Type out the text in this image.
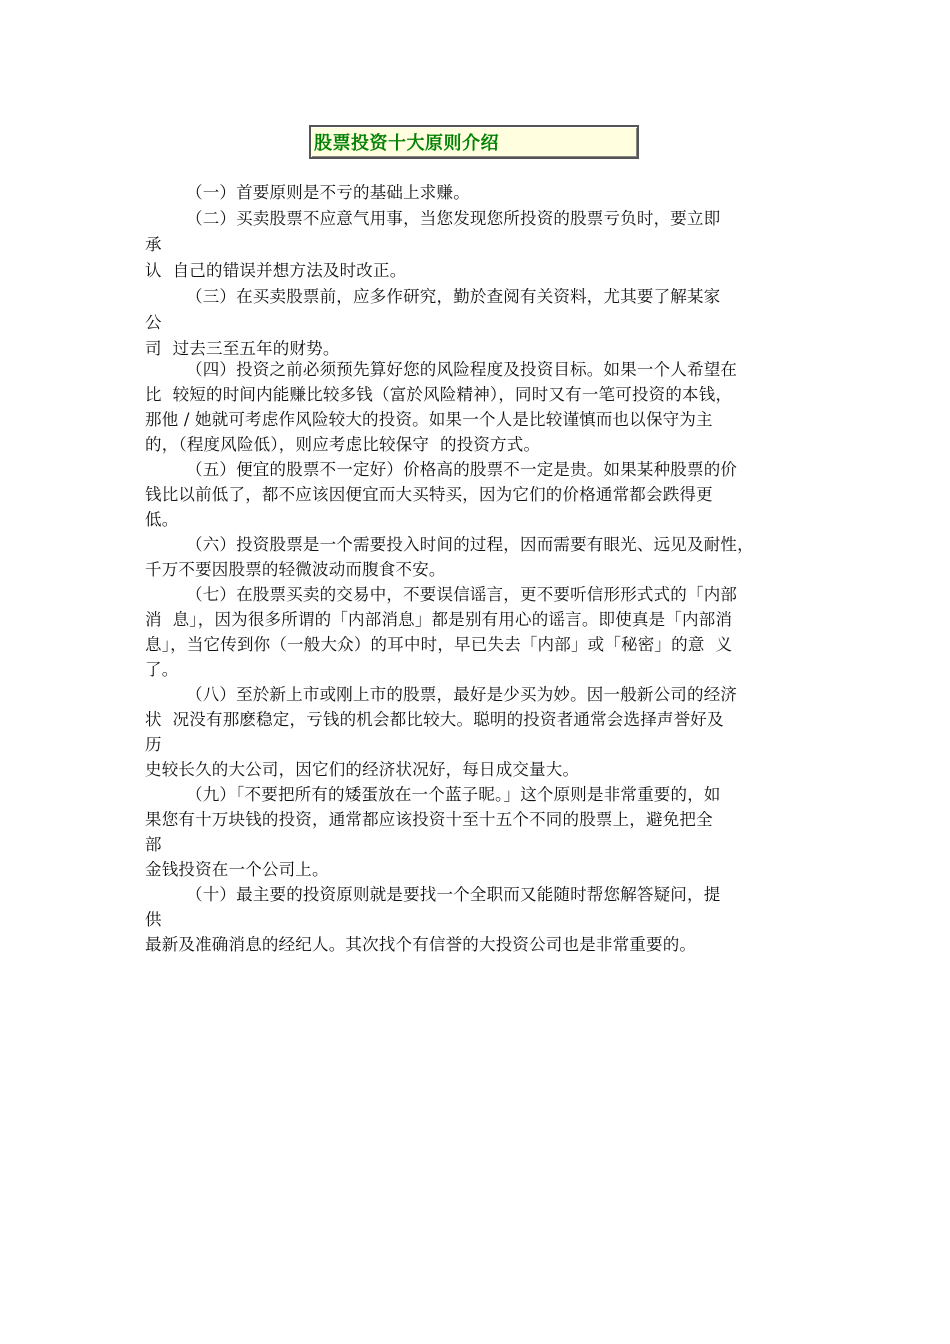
股票投资十大原则介绍
（一）首要原则是不亏的基础上求赚。
（二）买卖股票不应意气用事，当您发现您所投资的股票亏负时，要立即
承
认  自己的错误并想方法及时改正。
（三）在买卖股票前，应多作研究，勤於查阅有关资料，尤其要了解某家
公
司  过去三至五年的财势。
（四）投资之前必须预先算好您的风险程度及投资目标。如果一个人希望在
比  较短的时间内能赚比较多钱（富於风险精神），同时又有一笔可投资的本钱，
那他 / 她就可考虑作风险较大的投资。如果一个人是比较谨慎而也以保守为主
的，（程度风险低），则应考虑比较保守  的投资方式。
（五）便宜的股票不一定好）价格高的股票不一定是贵。如果某种股票的价
钱比以前低了，都不应该因便宜而大买特买，因为它们的价格通常都会跌得更
低。
（六）投资股票是一个需要投入时间的过程，因而需要有眼光、远见及耐性，
千万不要因股票的轻微波动而腹食不安。
（七）在股票买卖的交易中，不要误信谣言，更不要听信形形式式的「内部
消  息」，因为很多所谓的「内部消息」都是别有用心的谣言。即使真是「内部消
息」，当它传到你（一般大众）的耳中时，早已失去「内部」或「秘密」的意  义
了。
（八）至於新上市或刚上市的股票，最好是少买为妙。因一般新公司的经济
状  况没有那麽稳定，亏钱的机会都比较大。聪明的投资者通常会选择声誉好及
历
史较长久的大公司，因它们的经济状况好，每日成交量大。
（九）「不要把所有的矮蛋放在一个蓝子昵。」这个原则是非常重要的，如
果您有十万块钱的投资，通常都应该投资十至十五个不同的股票上，避免把全
部
金钱投资在一个公司上。
（十）最主要的投资原则就是要找一个全职而又能随时帮您解答疑问，提
供
最新及准确消息的经纪人。其次找个有信誉的大投资公司也是非常重要的。
